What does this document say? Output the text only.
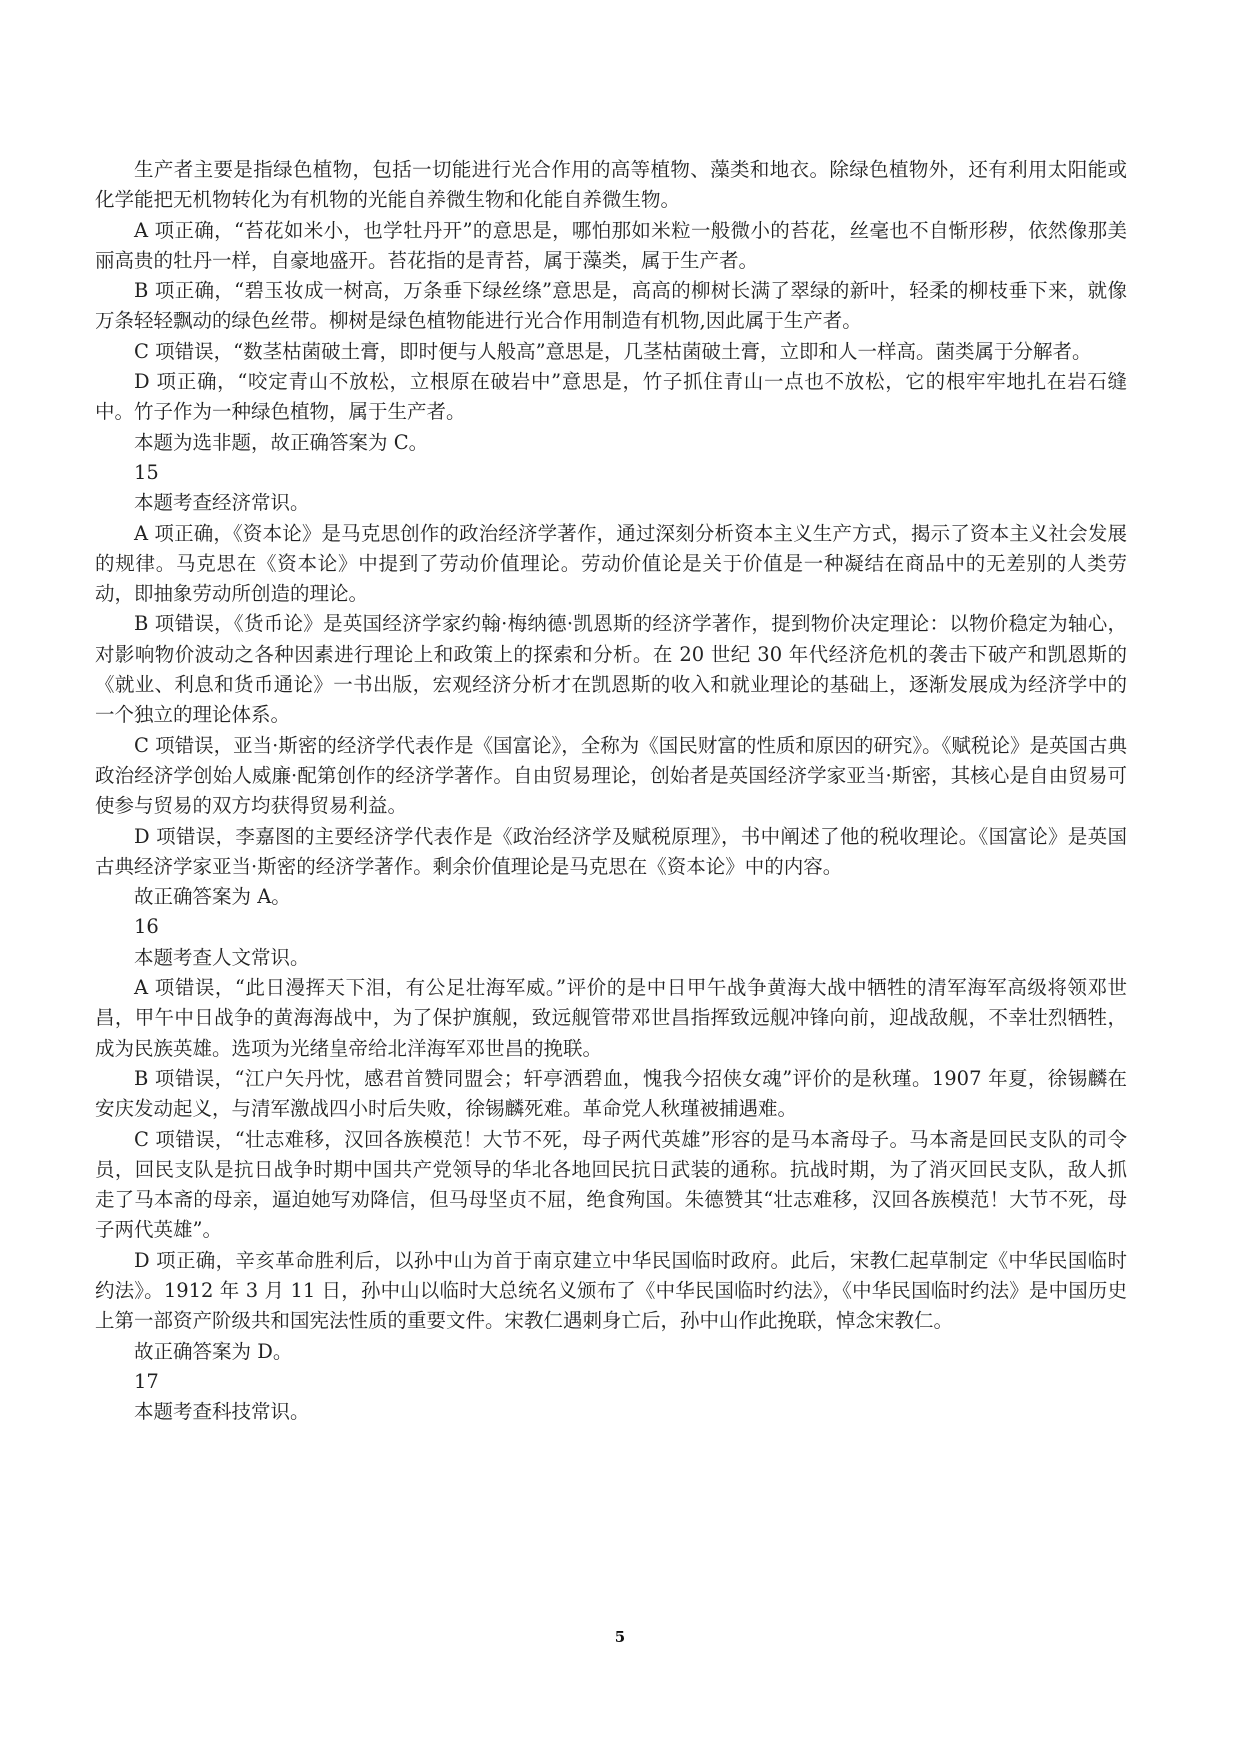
生产者主要是指绿色植物，包括一切能进行光合作用的高等植物、藻类和地衣。除绿色植物外，还有利用太阳能或化学能把无机物转化为有机物的光能自养微生物和化能自养微生物。

A 项正确，“苔花如米小，也学牡丹开”的意思是，哪怕那如米粒一般微小的苔花，丝毫也不自惭形秽，依然像那美丽高贵的牡丹一样，自豪地盛开。苔花指的是青苔，属于藻类，属于生产者。

B 项正确，“碧玉妆成一树高，万条垂下绿丝绦”意思是，高高的柳树长满了翠绿的新叶，轻柔的柳枝垂下来，就像万条轻轻飘动的绿色丝带。柳树是绿色植物能进行光合作用制造有机物,因此属于生产者。

C 项错误，“数茎枯菌破土膏，即时便与人般高”意思是，几茎枯菌破土膏，立即和人一样高。菌类属于分解者。

D 项正确，“咬定青山不放松，立根原在破岩中”意思是，竹子抓住青山一点也不放松，它的根牢牢地扎在岩石缝中。竹子作为一种绿色植物，属于生产者。

本题为选非题，故正确答案为 C。

15

本题考查经济常识。

A 项正确，《资本论》是马克思创作的政治经济学著作，通过深刻分析资本主义生产方式，揭示了资本主义社会发展的规律。马克思在《资本论》中提到了劳动价值理论。劳动价值论是关于价值是一种凝结在商品中的无差别的人类劳动，即抽象劳动所创造的理论。

B 项错误，《货币论》是英国经济学家约翰·梅纳德·凯恩斯的经济学著作，提到物价决定理论：以物价稳定为轴心，对影响物价波动之各种因素进行理论上和政策上的探索和分析。在 20 世纪 30 年代经济危机的袭击下破产和凯恩斯的《就业、利息和货币通论》一书出版，宏观经济分析才在凯恩斯的收入和就业理论的基础上，逐渐发展成为经济学中的一个独立的理论体系。

C 项错误，亚当·斯密的经济学代表作是《国富论》，全称为《国民财富的性质和原因的研究》。《赋税论》是英国古典政治经济学创始人威廉·配第创作的经济学著作。自由贸易理论，创始者是英国经济学家亚当·斯密，其核心是自由贸易可使参与贸易的双方均获得贸易利益。

D 项错误，李嘉图的主要经济学代表作是《政治经济学及赋税原理》，书中阐述了他的税收理论。《国富论》是英国古典经济学家亚当·斯密的经济学著作。剩余价值理论是马克思在《资本论》中的内容。

故正确答案为 A。

16

本题考查人文常识。

A 项错误，“此日漫挥天下泪，有公足壮海军威。”评价的是中日甲午战争黄海大战中牺牲的清军海军高级将领邓世昌，甲午中日战争的黄海海战中，为了保护旗舰，致远舰管带邓世昌指挥致远舰冲锋向前，迎战敌舰，不幸壮烈牺牲，成为民族英雄。选项为光绪皇帝给北洋海军邓世昌的挽联。

B 项错误，“江户矢丹忱，感君首赞同盟会；轩亭洒碧血，愧我今招侠女魂”评价的是秋瑾。1907 年夏，徐锡麟在安庆发动起义，与清军激战四小时后失败，徐锡麟死难。革命党人秋瑾被捕遇难。

C 项错误，“壮志难移，汉回各族模范！大节不死，母子两代英雄”形容的是马本斋母子。马本斋是回民支队的司令员，回民支队是抗日战争时期中国共产党领导的华北各地回民抗日武装的通称。抗战时期，为了消灭回民支队，敌人抓走了马本斋的母亲，逼迫她写劝降信，但马母坚贞不屈，绝食殉国。朱德赞其“壮志难移，汉回各族模范！大节不死，母子两代英雄”。

D 项正确，辛亥革命胜利后，以孙中山为首于南京建立中华民国临时政府。此后，宋教仁起草制定《中华民国临时约法》。1912 年 3 月 11 日，孙中山以临时大总统名义颁布了《中华民国临时约法》，《中华民国临时约法》是中国历史上第一部资产阶级共和国宪法性质的重要文件。宋教仁遇刺身亡后，孙中山作此挽联，悼念宋教仁。

故正确答案为 D。

17

本题考查科技常识。

5
